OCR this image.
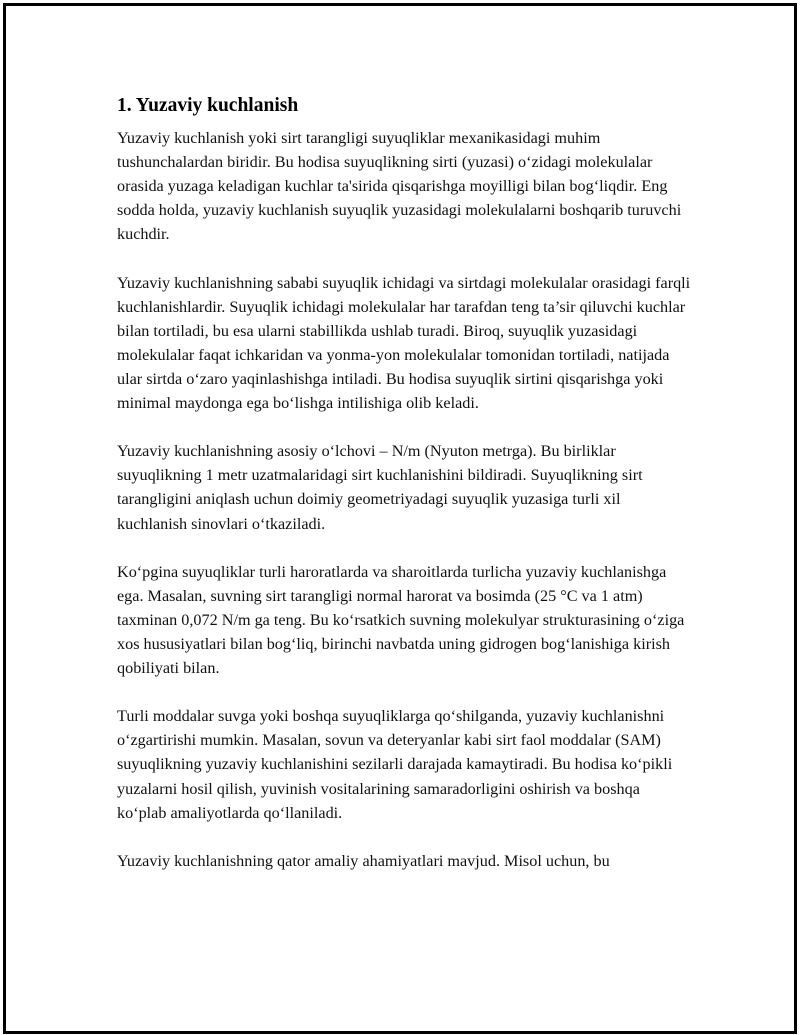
1. Yuzaviy kuchlanish

Yuzaviy kuchlanish yoki sirt tarangligi suyuqliklar mexanikasidagi muhim tushunchalardan biridir. Bu hodisa suyuqlikning sirti (yuzasi) o‘zidagi molekulalar orasida yuzaga keladigan kuchlar ta'sirida qisqarishga moyilligi bilan bog‘liqdir. Eng sodda holda, yuzaviy kuchlanish suyuqlik yuzasidagi molekulalarni boshqarib turuvchi kuchdir.

Yuzaviy kuchlanishning sababi suyuqlik ichidagi va sirtdagi molekulalar orasidagi farqli kuchlanishlardir. Suyuqlik ichidagi molekulalar har tarafdan teng ta’sir qiluvchi kuchlar bilan tortiladi, bu esa ularni stabillikda ushlab turadi. Biroq, suyuqlik yuzasidagi molekulalar faqat ichkaridan va yonma-yon molekulalar tomonidan tortiladi, natijada ular sirtda o‘zaro yaqinlashishga intiladi. Bu hodisa suyuqlik sirtini qisqarishga yoki minimal maydonga ega bo‘lishga intilishiga olib keladi.

Yuzaviy kuchlanishning asosiy o‘lchovi – N/m (Nyuton metrga). Bu birliklar suyuqlikning 1 metr uzatmalaridagi sirt kuchlanishini bildiradi. Suyuqlikning sirt tarangligini aniqlash uchun doimiy geometriyadagi suyuqlik yuzasiga turli xil kuchlanish sinovlari o‘tkaziladi.

Ko‘pgina suyuqliklar turli haroratlarda va sharoitlarda turlicha yuzaviy kuchlanishga ega. Masalan, suvning sirt tarangligi normal harorat va bosimda (25 °C va 1 atm) taxminan 0,072 N/m ga teng. Bu ko‘rsatkich suvning molekulyar strukturasining o‘ziga xos hususiyatlari bilan bog‘liq, birinchi navbatda uning gidrogen bog‘lanishiga kirish qobiliyati bilan.

Turli moddalar suvga yoki boshqa suyuqliklarga qo‘shilganda, yuzaviy kuchlanishni o‘zgartirishi mumkin. Masalan, sovun va deteryanlar kabi sirt faol moddalar (SAM) suyuqlikning yuzaviy kuchlanishini sezilarli darajada kamaytiradi. Bu hodisa ko‘pikli yuzalarni hosil qilish, yuvinish vositalarining samaradorligini oshirish va boshqa ko‘plab amaliyotlarda qo‘llaniladi.

Yuzaviy kuchlanishning qator amaliy ahamiyatlari mavjud. Misol uchun, bu
